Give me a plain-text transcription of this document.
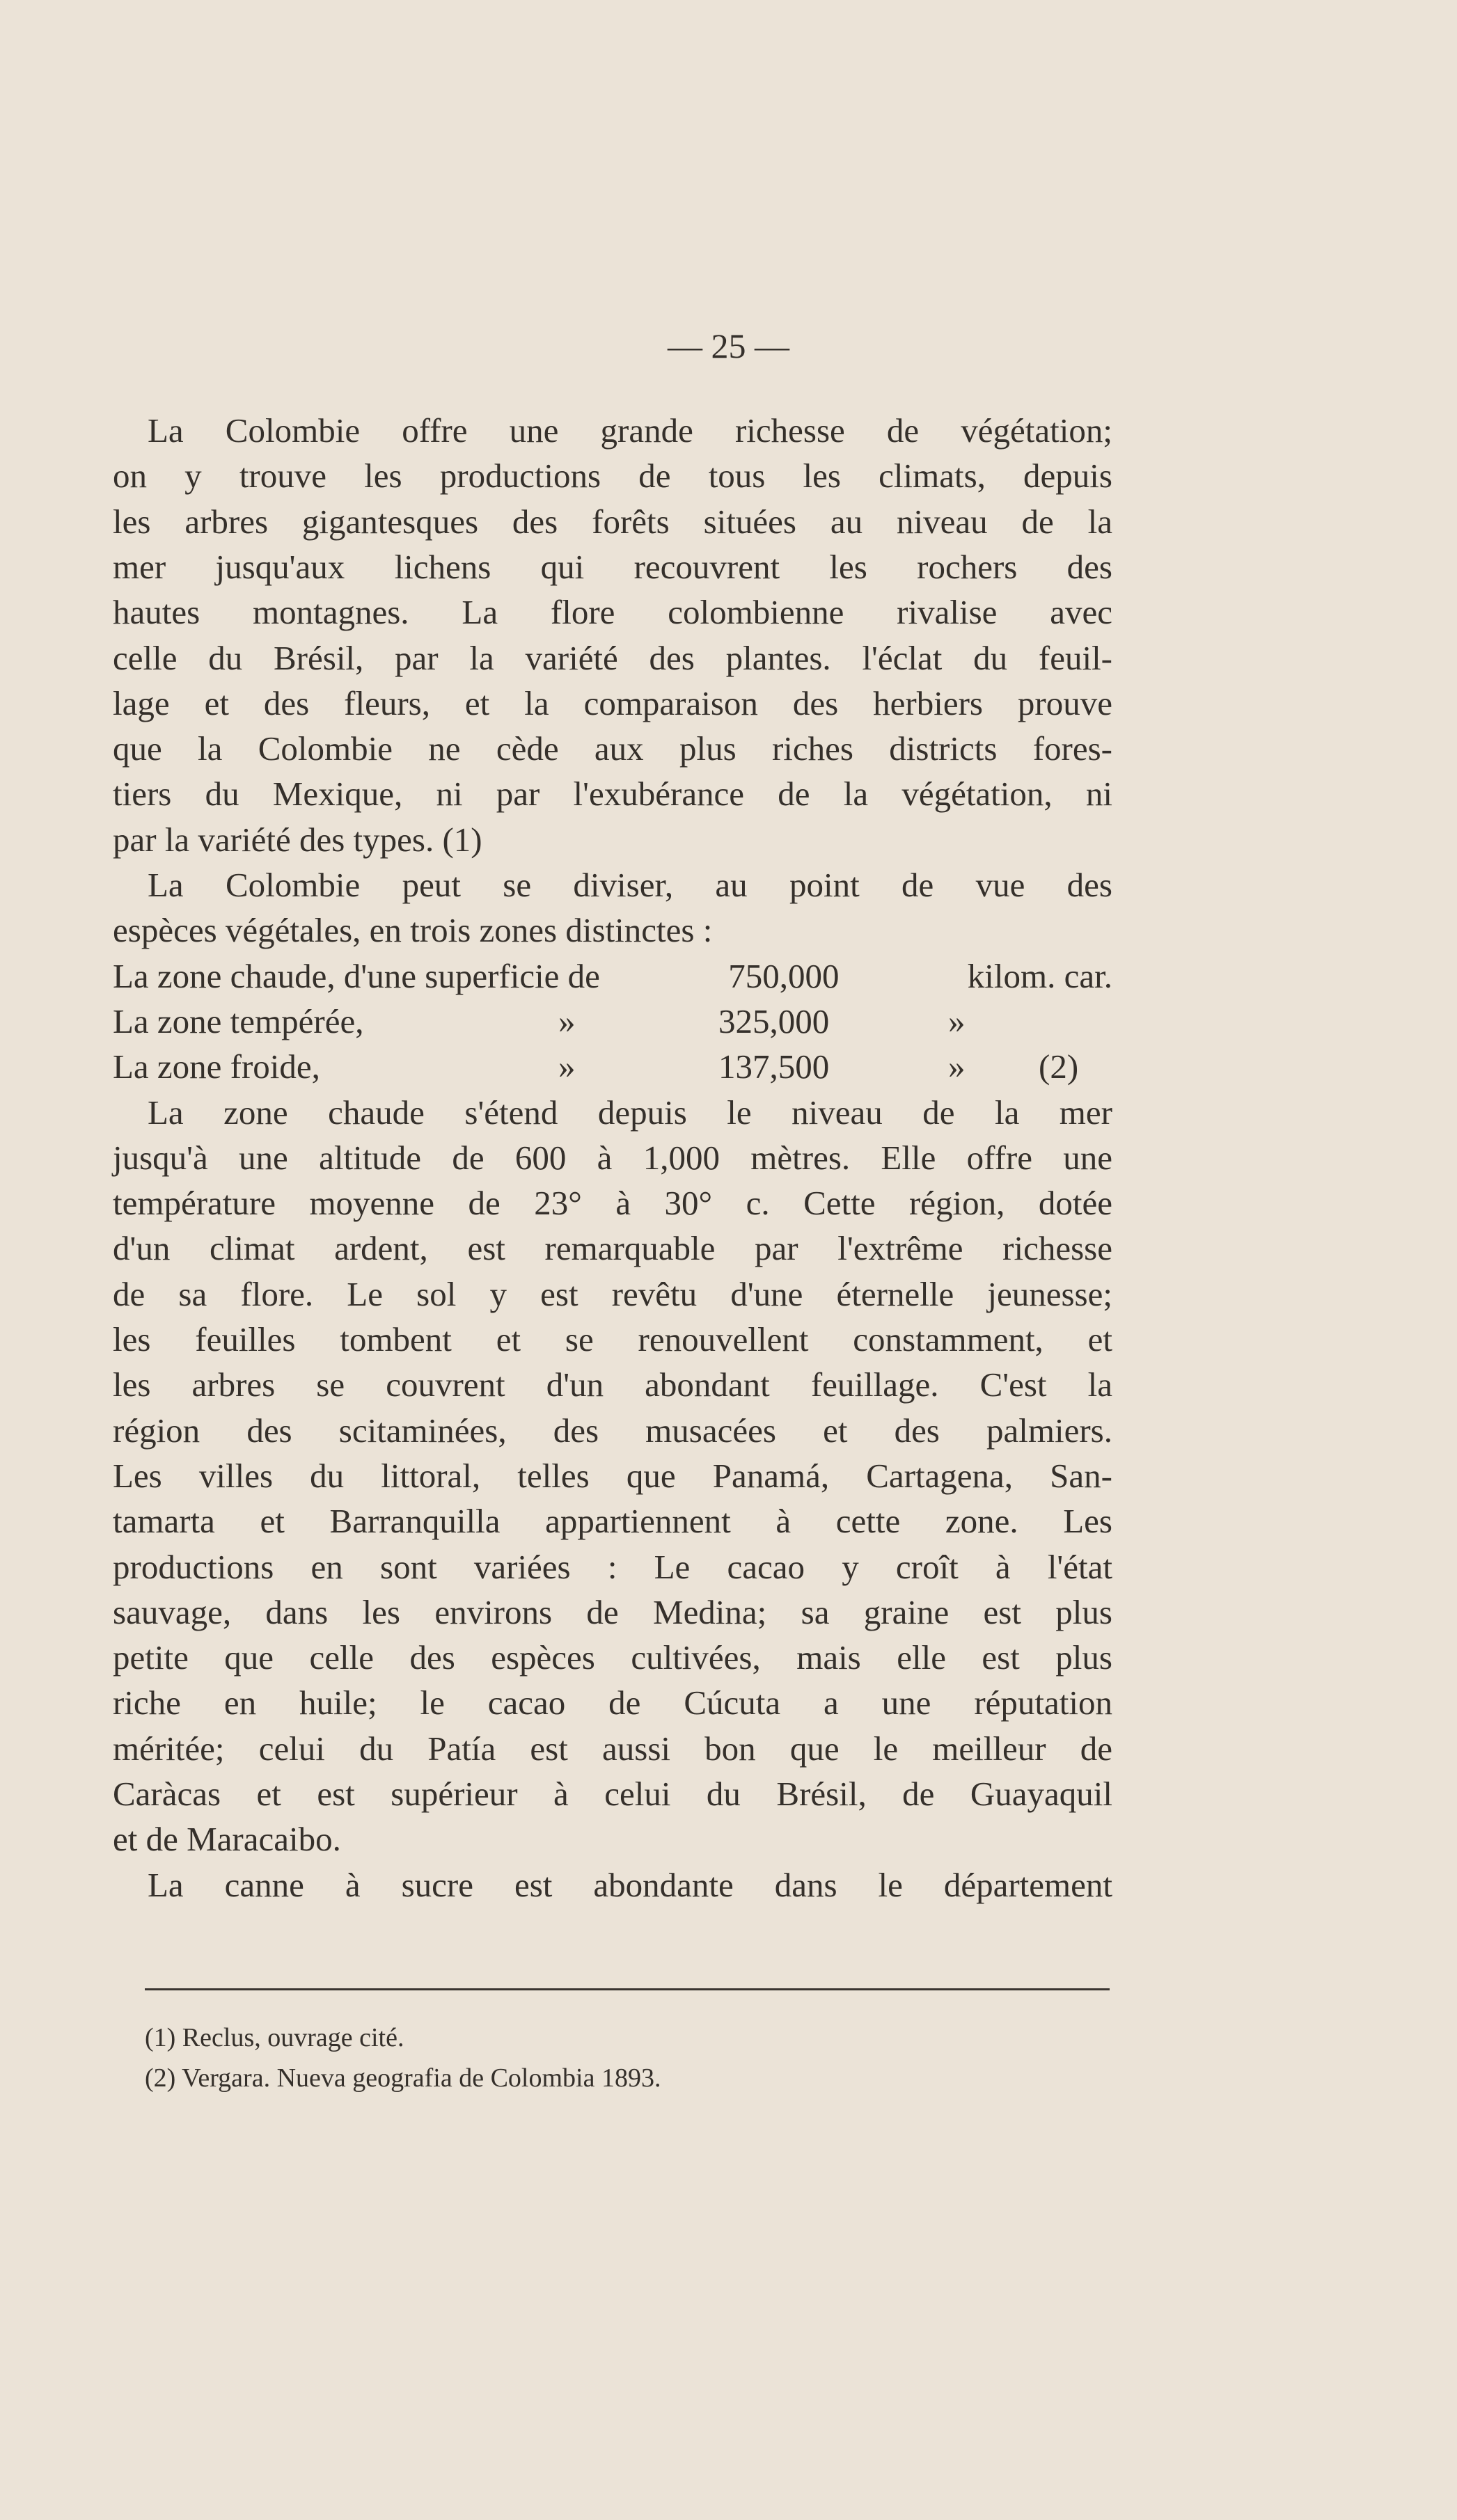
— 25 —
La Colombie offre une grande richesse de végétation;
on y trouve les productions de tous les climats, depuis
les arbres gigantesques des forêts situées au niveau de la
mer jusqu'aux lichens qui recouvrent les rochers des
hautes montagnes. La flore colombienne rivalise avec
celle du Brésil, par la variété des plantes. l'éclat du feuil-
lage et des fleurs, et la comparaison des herbiers prouve
que la Colombie ne cède aux plus riches districts fores-
tiers du Mexique, ni par l'exubérance de la végétation, ni
par la variété des types. (1)
La Colombie peut se diviser, au point de vue des
espèces végétales, en trois zones distinctes :
La zone chaude, d'une superficie de	750,000	kilom. car.
La zone tempérée,	»	325,000	»
La zone froide,	»	137,500	» (2)
La zone chaude s'étend depuis le niveau de la mer
jusqu'à une altitude de 600 à 1,000 mètres. Elle offre une
température moyenne de 23° à 30° c. Cette région, dotée
d'un climat ardent, est remarquable par l'extrême richesse
de sa flore. Le sol y est revêtu d'une éternelle jeunesse;
les feuilles tombent et se renouvellent constamment, et
les arbres se couvrent d'un abondant feuillage. C'est la
région des scitaminées, des musacées et des palmiers.
Les villes du littoral, telles que Panamá, Cartagena, San-
tamarta et Barranquilla appartiennent à cette zone. Les
productions en sont variées : Le cacao y croît à l'état
sauvage, dans les environs de Medina; sa graine est plus
petite que celle des espèces cultivées, mais elle est plus
riche en huile; le cacao de Cúcuta a une réputation
méritée; celui du Patía est aussi bon que le meilleur de
Caràcas et est supérieur à celui du Brésil, de Guayaquil
et de Maracaibo.
La canne à sucre est abondante dans le département
(1) Reclus, ouvrage cité.
(2) Vergara. Nueva geografia de Colombia 1893.
